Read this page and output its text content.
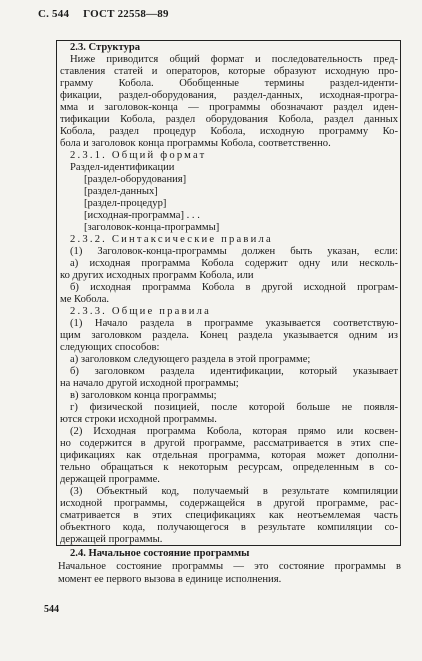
С. 544 ГОСТ 22558—89
2.3. Структура
Ниже приводится общий формат и последовательность пред-
ставления статей и операторов, которые образуют исходную про-
грамму Кобола. Обобщенные термины раздел-иденти-
фикации, раздел-оборудования, раздел-данных, исходная-програ-
мма и заголовок-конца — программы обозначают раздел иден-
тификации Кобола, раздел оборудования Кобола, раздел данных
Кобола, раздел процедур Кобола, исходную программу Ко-
бола и заголовок конца программы Кобола, соответственно.
2.3.1. Общий формат
Раздел-идентификации
[раздел-оборудования]
[раздел-данных]
[раздел-процедур]
[исходная-программа] . . .
[заголовок-конца-программы]
2.3.2. Синтаксические правила
(1) Заголовок-конца-программы должен быть указан, если:
а) исходная программа Кобола содержит одну или несколь-
ко других исходных программ Кобола, или
б) исходная программа Кобола в другой исходной програм-
ме Кобола.
2.3.3. Общие правила
(1) Начало раздела в программе указывается соответствую-
щим заголовком раздела. Конец раздела указывается одним из
следующих способов:
а) заголовком следующего раздела в этой программе;
б) заголовком раздела идентификации, который указывает
на начало другой исходной программы;
в) заголовком конца программы;
г) физической позицией, после которой больше не появля-
ются строки исходной программы.
(2) Исходная программа Кобола, которая прямо или косвен-
но содержится в другой программе, рассматривается в этих спе-
цификациях как отдельная программа, которая может дополни-
тельно обращаться к некоторым ресурсам, определенным в со-
держащей программе.
(3) Объектный код, получаемый в результате компиляции
исходной программы, содержащейся в другой программе, рас-
сматривается в этих спецификациях как неотъемлемая часть
объектного кода, получающегося в результате компиляции со-
держащей программы.
544
2.4. Начальное состояние программы
Начальное состояние программы — это состояние программы в
момент ее первого вызова в единице исполнения.
